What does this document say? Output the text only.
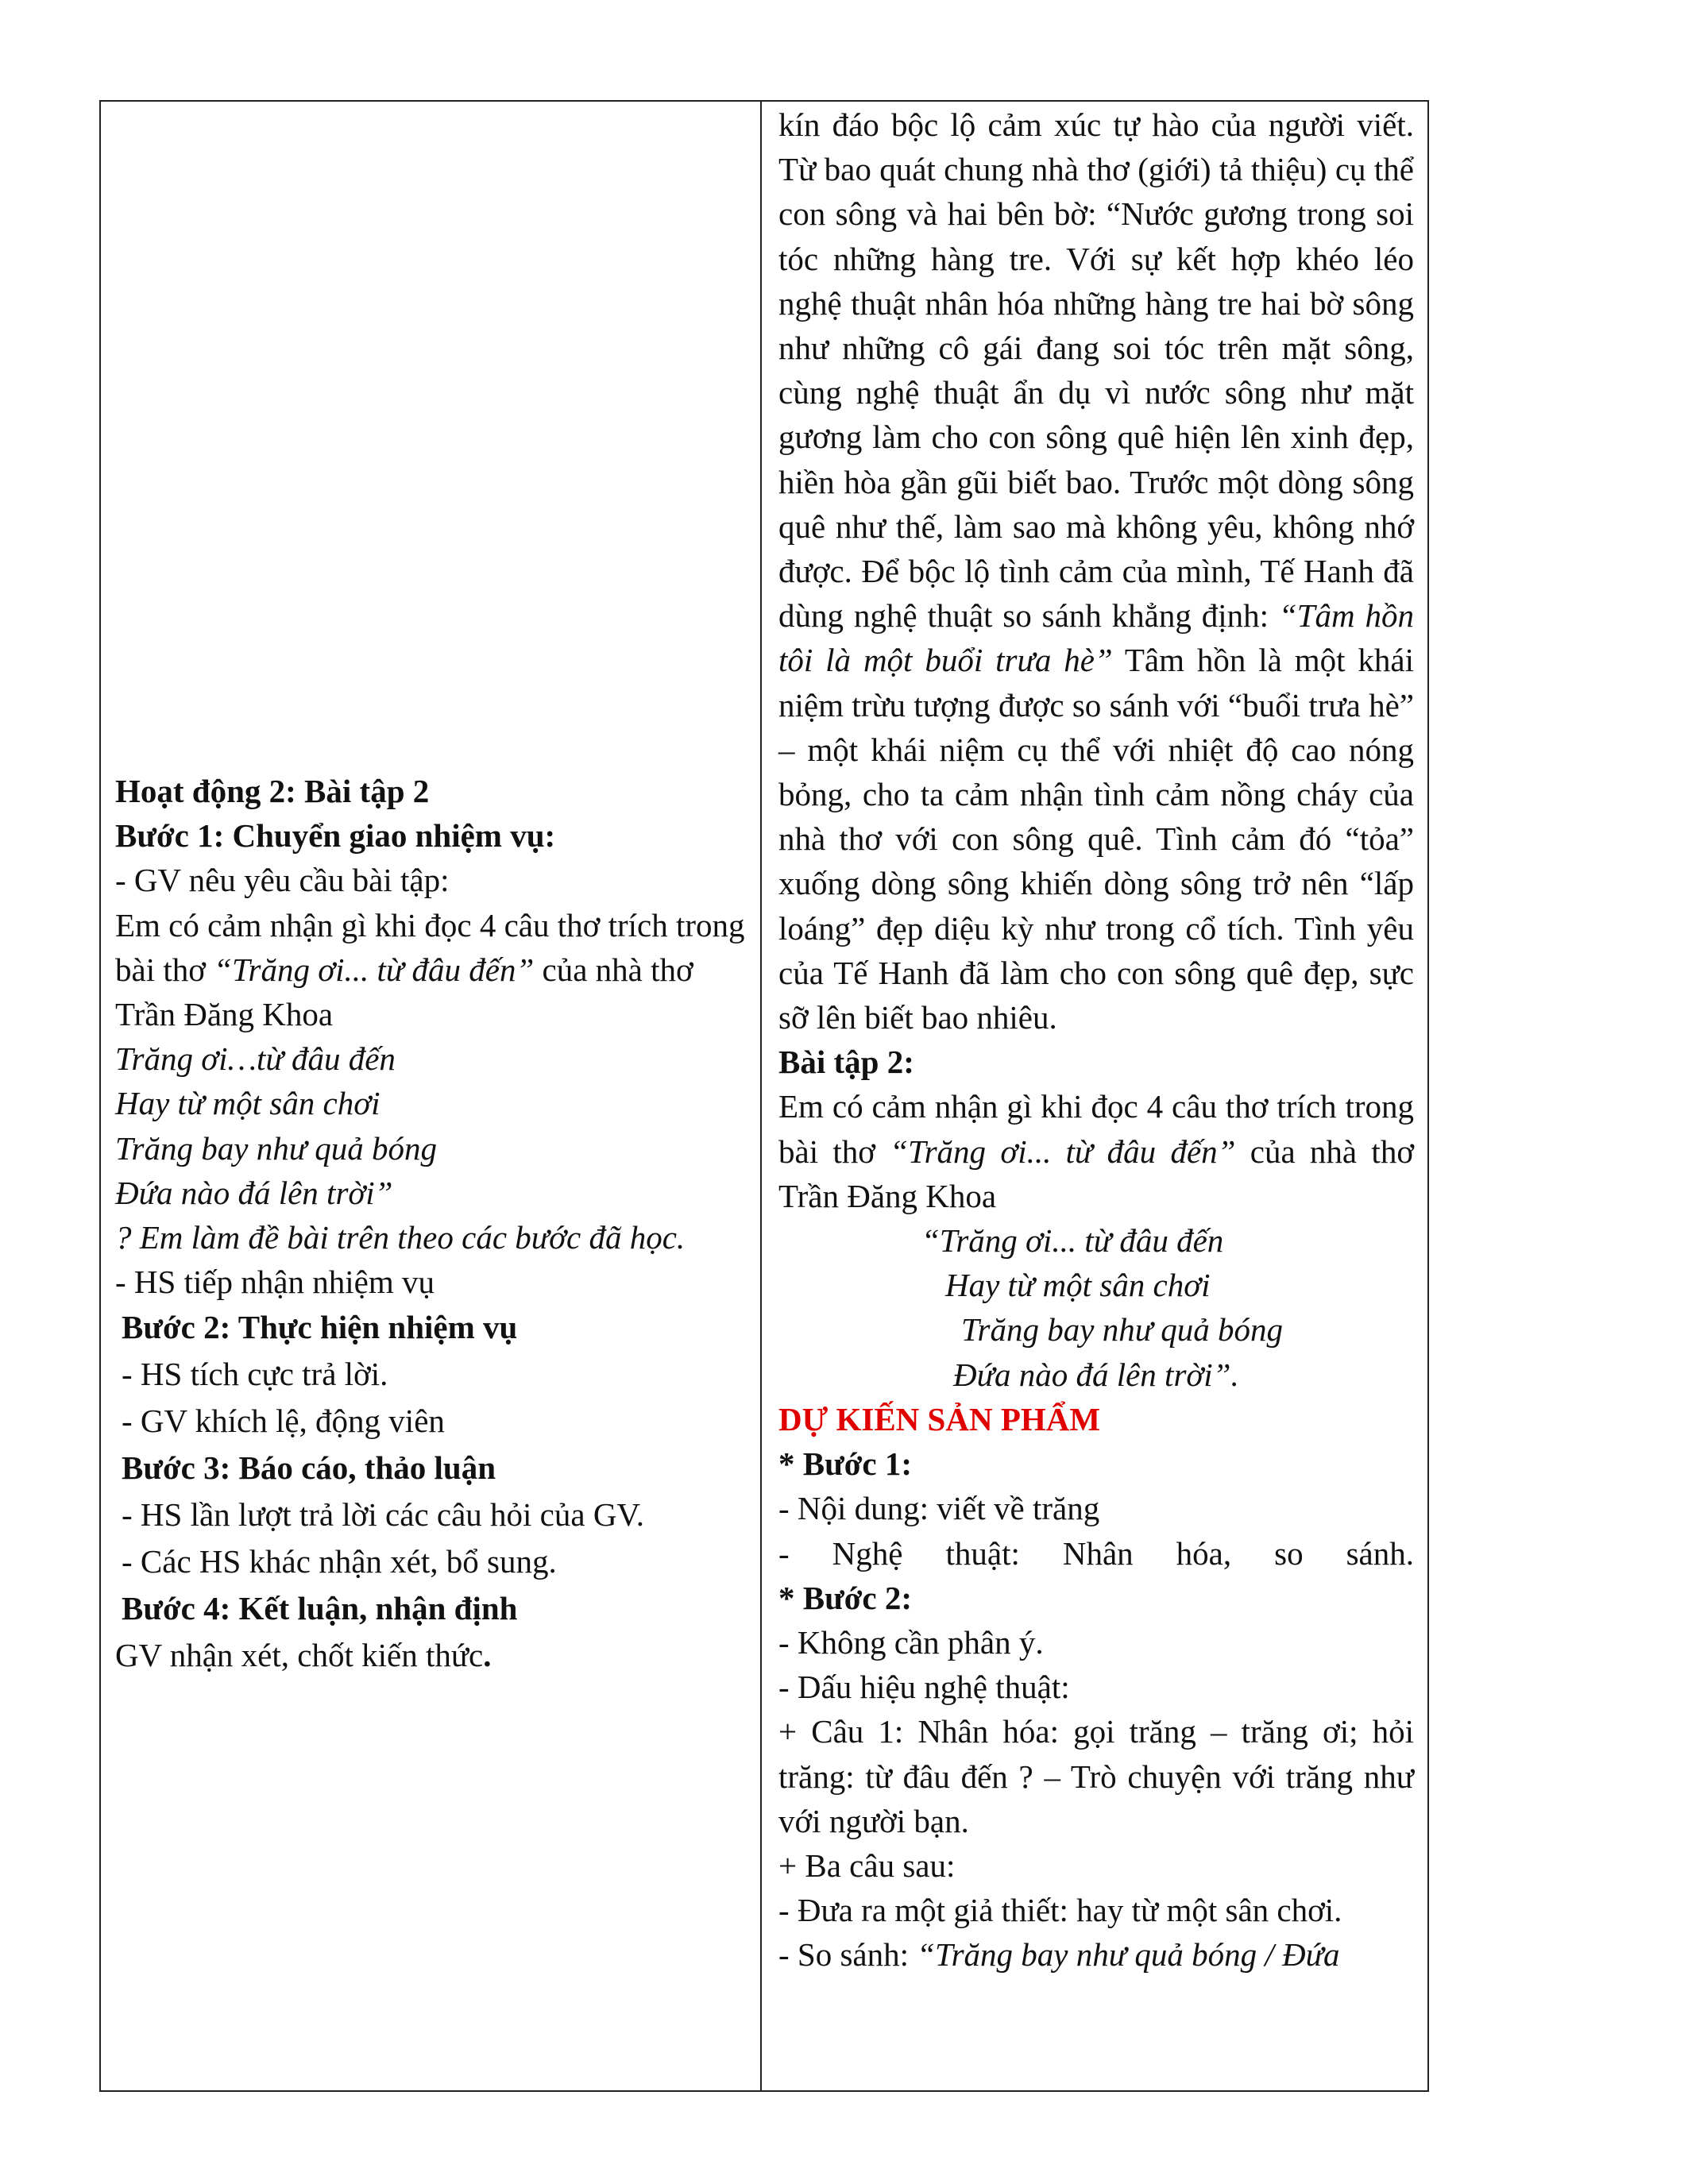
Hoạt động 2: Bài tập 2

Bước 1: Chuyển giao nhiệm vụ:

- GV nêu yêu cầu bài tập:

Em có cảm nhận gì khi đọc 4 câu thơ trích trong bài thơ “Trăng ơi... từ đâu đến” của nhà thơ Trần Đăng Khoa

Trăng ơi…từ đâu đến

Hay từ một sân chơi

Trăng bay như quả bóng

Đứa nào đá lên trời”

? Em làm đề bài trên theo các bước đã học.

- HS tiếp nhận nhiệm vụ

Bước 2: Thực hiện nhiệm vụ

- HS tích cực trả lời.

- GV khích lệ, động viên

Bước 3: Báo cáo, thảo luận

- HS lần lượt trả lời các câu hỏi của GV.

- Các HS khác nhận xét, bổ sung.

Bước 4: Kết luận, nhận định

GV nhận xét, chốt kiến thức.

kín đáo bộc lộ cảm xúc tự hào của người viết. Từ bao quát chung nhà thơ (giới) tả thiệu) cụ thể con sông và hai bên bờ: “Nước gương trong soi tóc những hàng tre. Với sự kết hợp khéo léo nghệ thuật nhân hóa những hàng tre hai bờ sông như những cô gái đang soi tóc trên mặt sông, cùng nghệ thuật ẩn dụ vì nước sông như mặt gương làm cho con sông quê hiện lên xinh đẹp, hiền hòa gần gũi biết bao. Trước một dòng sông quê như thế, làm sao mà không yêu, không nhớ được. Để bộc lộ tình cảm của mình, Tế Hanh đã dùng nghệ thuật so sánh khẳng định: “Tâm hồn tôi là một buổi trưa hè” Tâm hồn là một khái niệm trừu tượng được so sánh với “buổi trưa hè” – một khái niệm cụ thể với nhiệt độ cao nóng bỏng, cho ta cảm nhận tình cảm nồng cháy của nhà thơ với con sông quê. Tình cảm đó “tỏa” xuống dòng sông khiến dòng sông trở nên “lấp loáng” đẹp diệu kỳ như trong cổ tích. Tình yêu của Tế Hanh đã làm cho con sông quê đẹp, sực sỡ lên biết bao nhiêu.

Bài tập 2:

Em có cảm nhận gì khi đọc 4 câu thơ trích trong bài thơ “Trăng ơi... từ đâu đến” của nhà thơ Trần Đăng Khoa

“Trăng ơi... từ đâu đến

Hay từ một sân chơi

Trăng bay như quả bóng

Đứa nào đá lên trời”.

DỰ KIẾN SẢN PHẨM

* Bước 1:

- Nội dung: viết về trăng

- Nghệ thuật: Nhân hóa, so sánh.

* Bước 2:

- Không cần phân ý.

- Dấu hiệu nghệ thuật:

+ Câu 1: Nhân hóa: gọi trăng – trăng ơi; hỏi trăng: từ đâu đến ? – Trò chuyện với trăng như với người bạn.

+ Ba câu sau:

- Đưa ra một giả thiết: hay từ một sân chơi.

- So sánh: “Trăng bay như quả bóng / Đứa
